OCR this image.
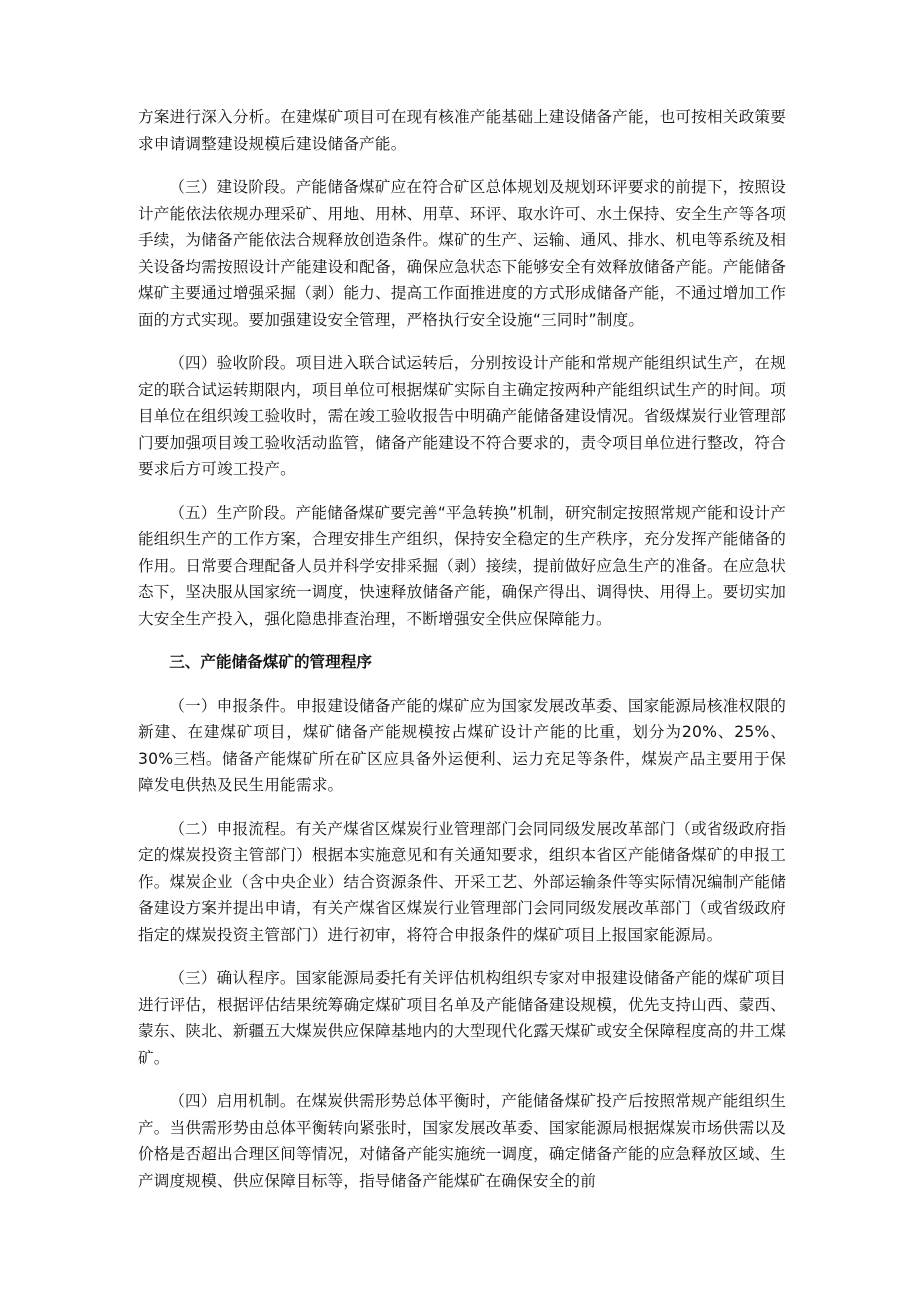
方案进行深入分析。在建煤矿项目可在现有核准产能基础上建设储备产能，也可按相关政策要求申请调整建设规模后建设储备产能。

（三）建设阶段。产能储备煤矿应在符合矿区总体规划及规划环评要求的前提下，按照设计产能依法依规办理采矿、用地、用林、用草、环评、取水许可、水土保持、安全生产等各项手续，为储备产能依法合规释放创造条件。煤矿的生产、运输、通风、排水、机电等系统及相关设备均需按照设计产能建设和配备，确保应急状态下能够安全有效释放储备产能。产能储备煤矿主要通过增强采掘（剥）能力、提高工作面推进度的方式形成储备产能，不通过增加工作面的方式实现。要加强建设安全管理，严格执行安全设施“三同时”制度。

（四）验收阶段。项目进入联合试运转后，分别按设计产能和常规产能组织试生产，在规定的联合试运转期限内，项目单位可根据煤矿实际自主确定按两种产能组织试生产的时间。项目单位在组织竣工验收时，需在竣工验收报告中明确产能储备建设情况。省级煤炭行业管理部门要加强项目竣工验收活动监管，储备产能建设不符合要求的，责令项目单位进行整改，符合要求后方可竣工投产。

（五）生产阶段。产能储备煤矿要完善“平急转换”机制，研究制定按照常规产能和设计产能组织生产的工作方案，合理安排生产组织，保持安全稳定的生产秩序，充分发挥产能储备的作用。日常要合理配备人员并科学安排采掘（剥）接续，提前做好应急生产的准备。在应急状态下，坚决服从国家统一调度，快速释放储备产能，确保产得出、调得快、用得上。要切实加大安全生产投入，强化隐患排查治理，不断增强安全供应保障能力。

三、产能储备煤矿的管理程序

（一）申报条件。申报建设储备产能的煤矿应为国家发展改革委、国家能源局核准权限的新建、在建煤矿项目，煤矿储备产能规模按占煤矿设计产能的比重，划分为20%、25%、30%三档。储备产能煤矿所在矿区应具备外运便利、运力充足等条件，煤炭产品主要用于保障发电供热及民生用能需求。

（二）申报流程。有关产煤省区煤炭行业管理部门会同同级发展改革部门（或省级政府指定的煤炭投资主管部门）根据本实施意见和有关通知要求，组织本省区产能储备煤矿的申报工作。煤炭企业（含中央企业）结合资源条件、开采工艺、外部运输条件等实际情况编制产能储备建设方案并提出申请，有关产煤省区煤炭行业管理部门会同同级发展改革部门（或省级政府指定的煤炭投资主管部门）进行初审，将符合申报条件的煤矿项目上报国家能源局。

（三）确认程序。国家能源局委托有关评估机构组织专家对申报建设储备产能的煤矿项目进行评估，根据评估结果统筹确定煤矿项目名单及产能储备建设规模，优先支持山西、蒙西、蒙东、陕北、新疆五大煤炭供应保障基地内的大型现代化露天煤矿或安全保障程度高的井工煤矿。

（四）启用机制。在煤炭供需形势总体平衡时，产能储备煤矿投产后按照常规产能组织生产。当供需形势由总体平衡转向紧张时，国家发展改革委、国家能源局根据煤炭市场供需以及价格是否超出合理区间等情况，对储备产能实施统一调度，确定储备产能的应急释放区域、生产调度规模、供应保障目标等，指导储备产能煤矿在确保安全的前
